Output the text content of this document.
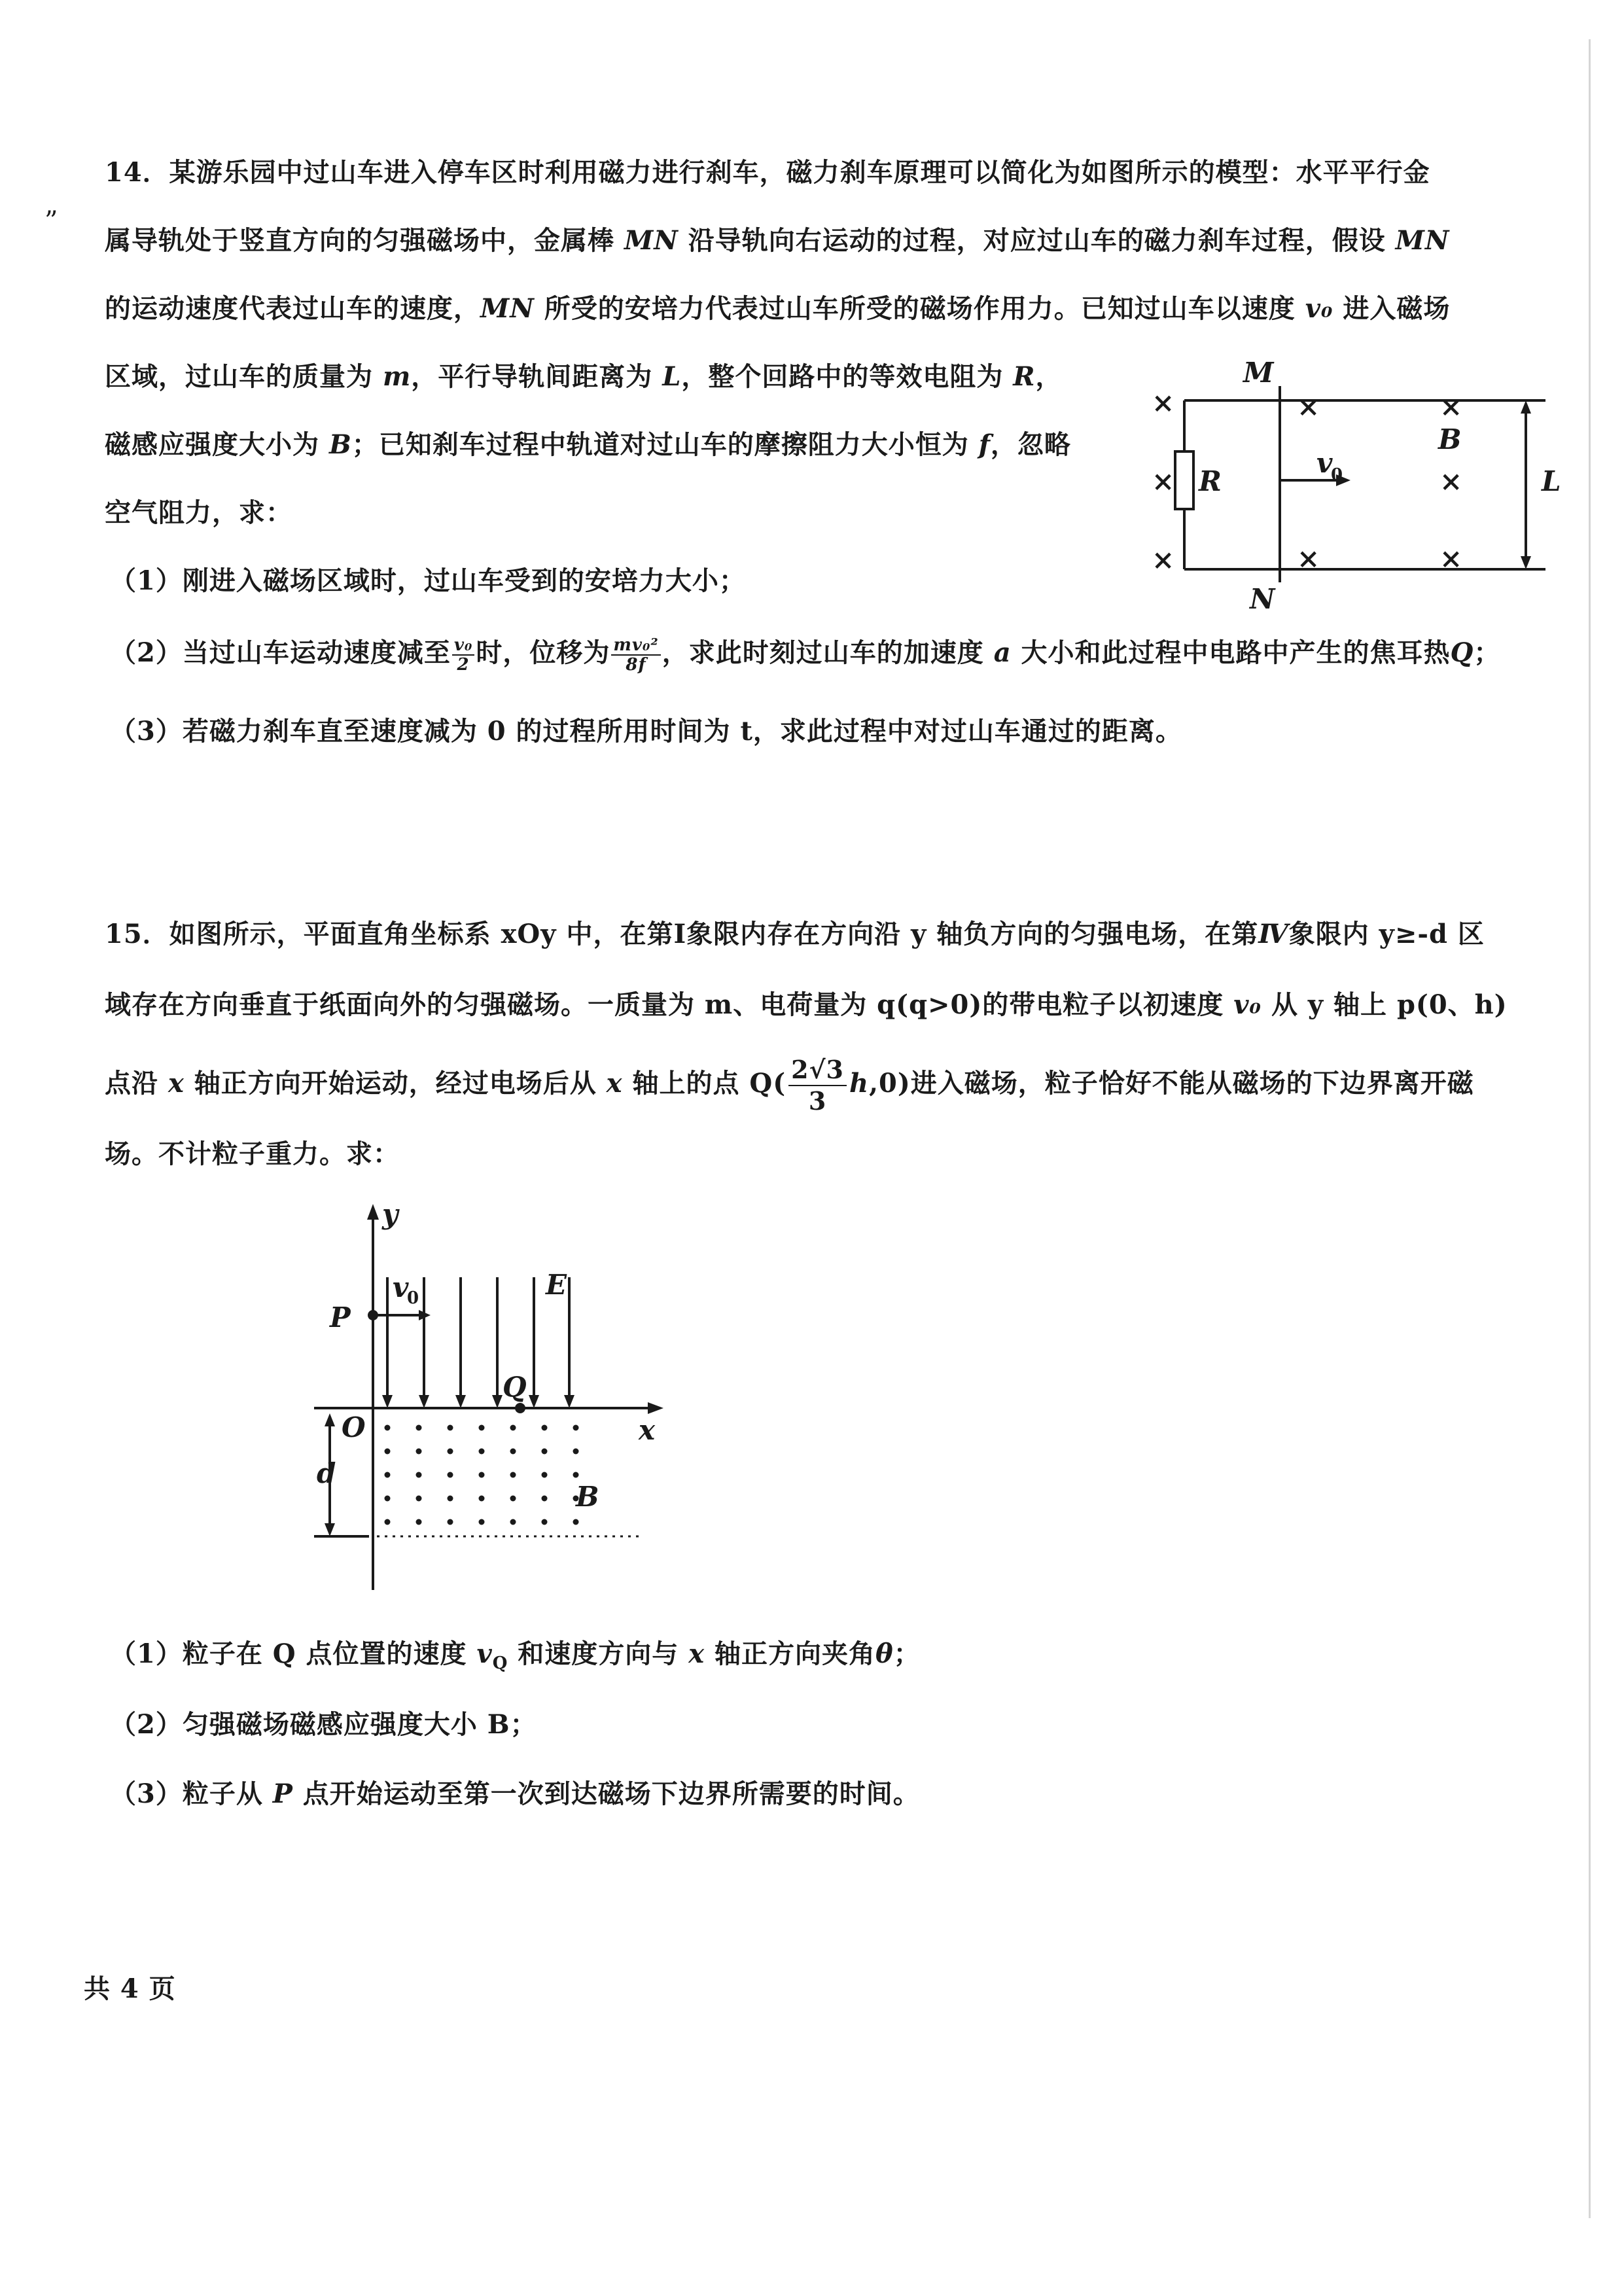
”
14．某游乐园中过山车进入停车区时利用磁力进行刹车，磁力刹车原理可以简化为如图所示的模型：水平平行金
属导轨处于竖直方向的匀强磁场中，金属棒 MN 沿导轨向右运动的过程，对应过山车的磁力刹车过程，假设 MN
的运动速度代表过山车的速度，MN 所受的安培力代表过山车所受的磁场作用力。已知过山车以速度 v₀ 进入磁场
区域，过山车的质量为 m，平行导轨间距离为 L，整个回路中的等效电阻为 R，
磁感应强度大小为 B；已知刹车过程中轨道对过山车的摩擦阻力大小恒为 f，忽略
空气阻力，求：
（1）刚进入磁场区域时，过山车受到的安培力大小；
（2）当过山车运动速度减至 $\frac{\text{v₀}}{2}$ 时，位移为 $\frac{\text{mv₀²}}{8f}$ ，求此时刻过山车的加速度 a 大小和此过程中电路中产生的焦耳热Q；
（3）若磁力刹车直至速度减为 0 的过程所用时间为 t，求此过程中对过山车通过的距离。
×
×
×
×	×
×
×	×
M
N
R
B
L
v
0
15．如图所示，平面直角坐标系 xOy 中，在第Ⅰ象限内存在方向沿 y 轴负方向的匀强电场，在第Ⅳ象限内 y≥-d 区
域存在方向垂直于纸面向外的匀强磁场。一质量为 m、电荷量为 q(q>0)的带电粒子以初速度 v₀ 从 y 轴上 p(0、h)
点沿 x 轴正方向开始运动，经过电场后从 x 轴上的点 $Q( \frac{2√3}{3} h,0)$进入磁场，粒子恰好不能从磁场的下边界离开磁
场。不计粒子重力。求：
y
x
P
O
Q
E
B
d
v
0
（1）粒子在 Q 点位置的速度 $v_Q$ 和速度方向与 x 轴正方向夹角θ；
（2）匀强磁场磁感应强度大小 B；
（3）粒子从 P 点开始运动至第一次到达磁场下边界所需要的时间。
共 4 页
